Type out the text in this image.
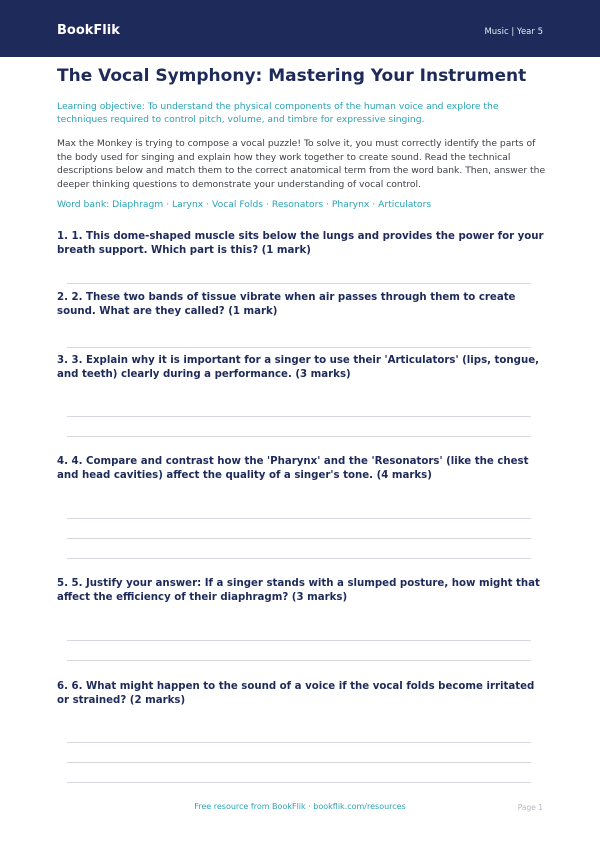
BookFlik	Music | Year 5
The Vocal Symphony: Mastering Your Instrument
Learning objective: To understand the physical components of the human voice and explore the techniques required to control pitch, volume, and timbre for expressive singing.
Max the Monkey is trying to compose a vocal puzzle! To solve it, you must correctly identify the parts of the body used for singing and explain how they work together to create sound. Read the technical descriptions below and match them to the correct anatomical term from the word bank. Then, answer the deeper thinking questions to demonstrate your understanding of vocal control.
Word bank: Diaphragm · Larynx · Vocal Folds · Resonators · Pharynx · Articulators
1. 1. This dome-shaped muscle sits below the lungs and provides the power for your breath support. Which part is this? (1 mark)
2. 2. These two bands of tissue vibrate when air passes through them to create sound. What are they called? (1 mark)
3. 3. Explain why it is important for a singer to use their 'Articulators' (lips, tongue, and teeth) clearly during a performance. (3 marks)
4. 4. Compare and contrast how the 'Pharynx' and the 'Resonators' (like the chest and head cavities) affect the quality of a singer's tone. (4 marks)
5. 5. Justify your answer: If a singer stands with a slumped posture, how might that affect the efficiency of their diaphragm? (3 marks)
6. 6. What might happen to the sound of a voice if the vocal folds become irritated or strained? (2 marks)
Free resource from BookFlik · bookflik.com/resources	Page 1
